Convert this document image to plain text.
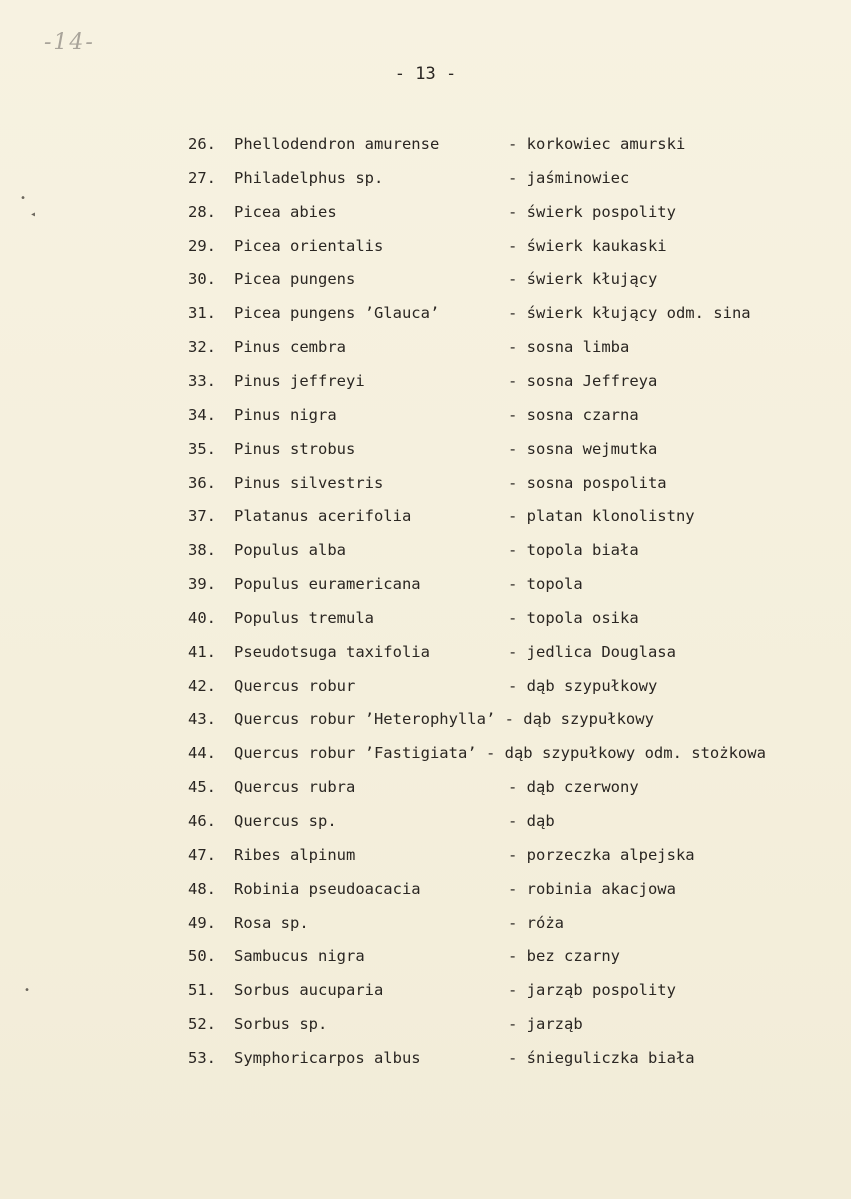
-14-
- 13 -
•
◂
•
26. Phellodendron amurense	- korkowiec amurski
27. Philadelphus sp.	- jaśminowiec
28. Picea abies	- świerk pospolity
29. Picea orientalis	- świerk kaukaski
30. Picea pungens	- świerk kłujący
31. Picea pungens ’Glauca’	- świerk kłujący odm. sina
32. Pinus cembra	- sosna limba
33. Pinus jeffreyi	- sosna Jeffreya
34. Pinus nigra	- sosna czarna
35. Pinus strobus	- sosna wejmutka
36. Pinus silvestris	- sosna pospolita
37. Platanus acerifolia	- platan klonolistny
38. Populus alba	- topola biała
39. Populus euramericana	- topola
40. Populus tremula	- topola osika
41. Pseudotsuga taxifolia	- jedlica Douglasa
42. Quercus robur	- dąb szypułkowy
43. Quercus robur ’Heterophylla’ - dąb szypułkowy
44. Quercus robur ’Fastigiata’ - dąb szypułkowy odm. stożkowa
45. Quercus rubra	- dąb czerwony
46. Quercus sp.	- dąb
47. Ribes alpinum	- porzeczka alpejska
48. Robinia pseudoacacia	- robinia akacjowa
49. Rosa sp.	- róża
50. Sambucus nigra	- bez czarny
51. Sorbus aucuparia	- jarząb pospolity
52. Sorbus sp.	- jarząb
53. Symphoricarpos albus	- śnieguliczka biała
